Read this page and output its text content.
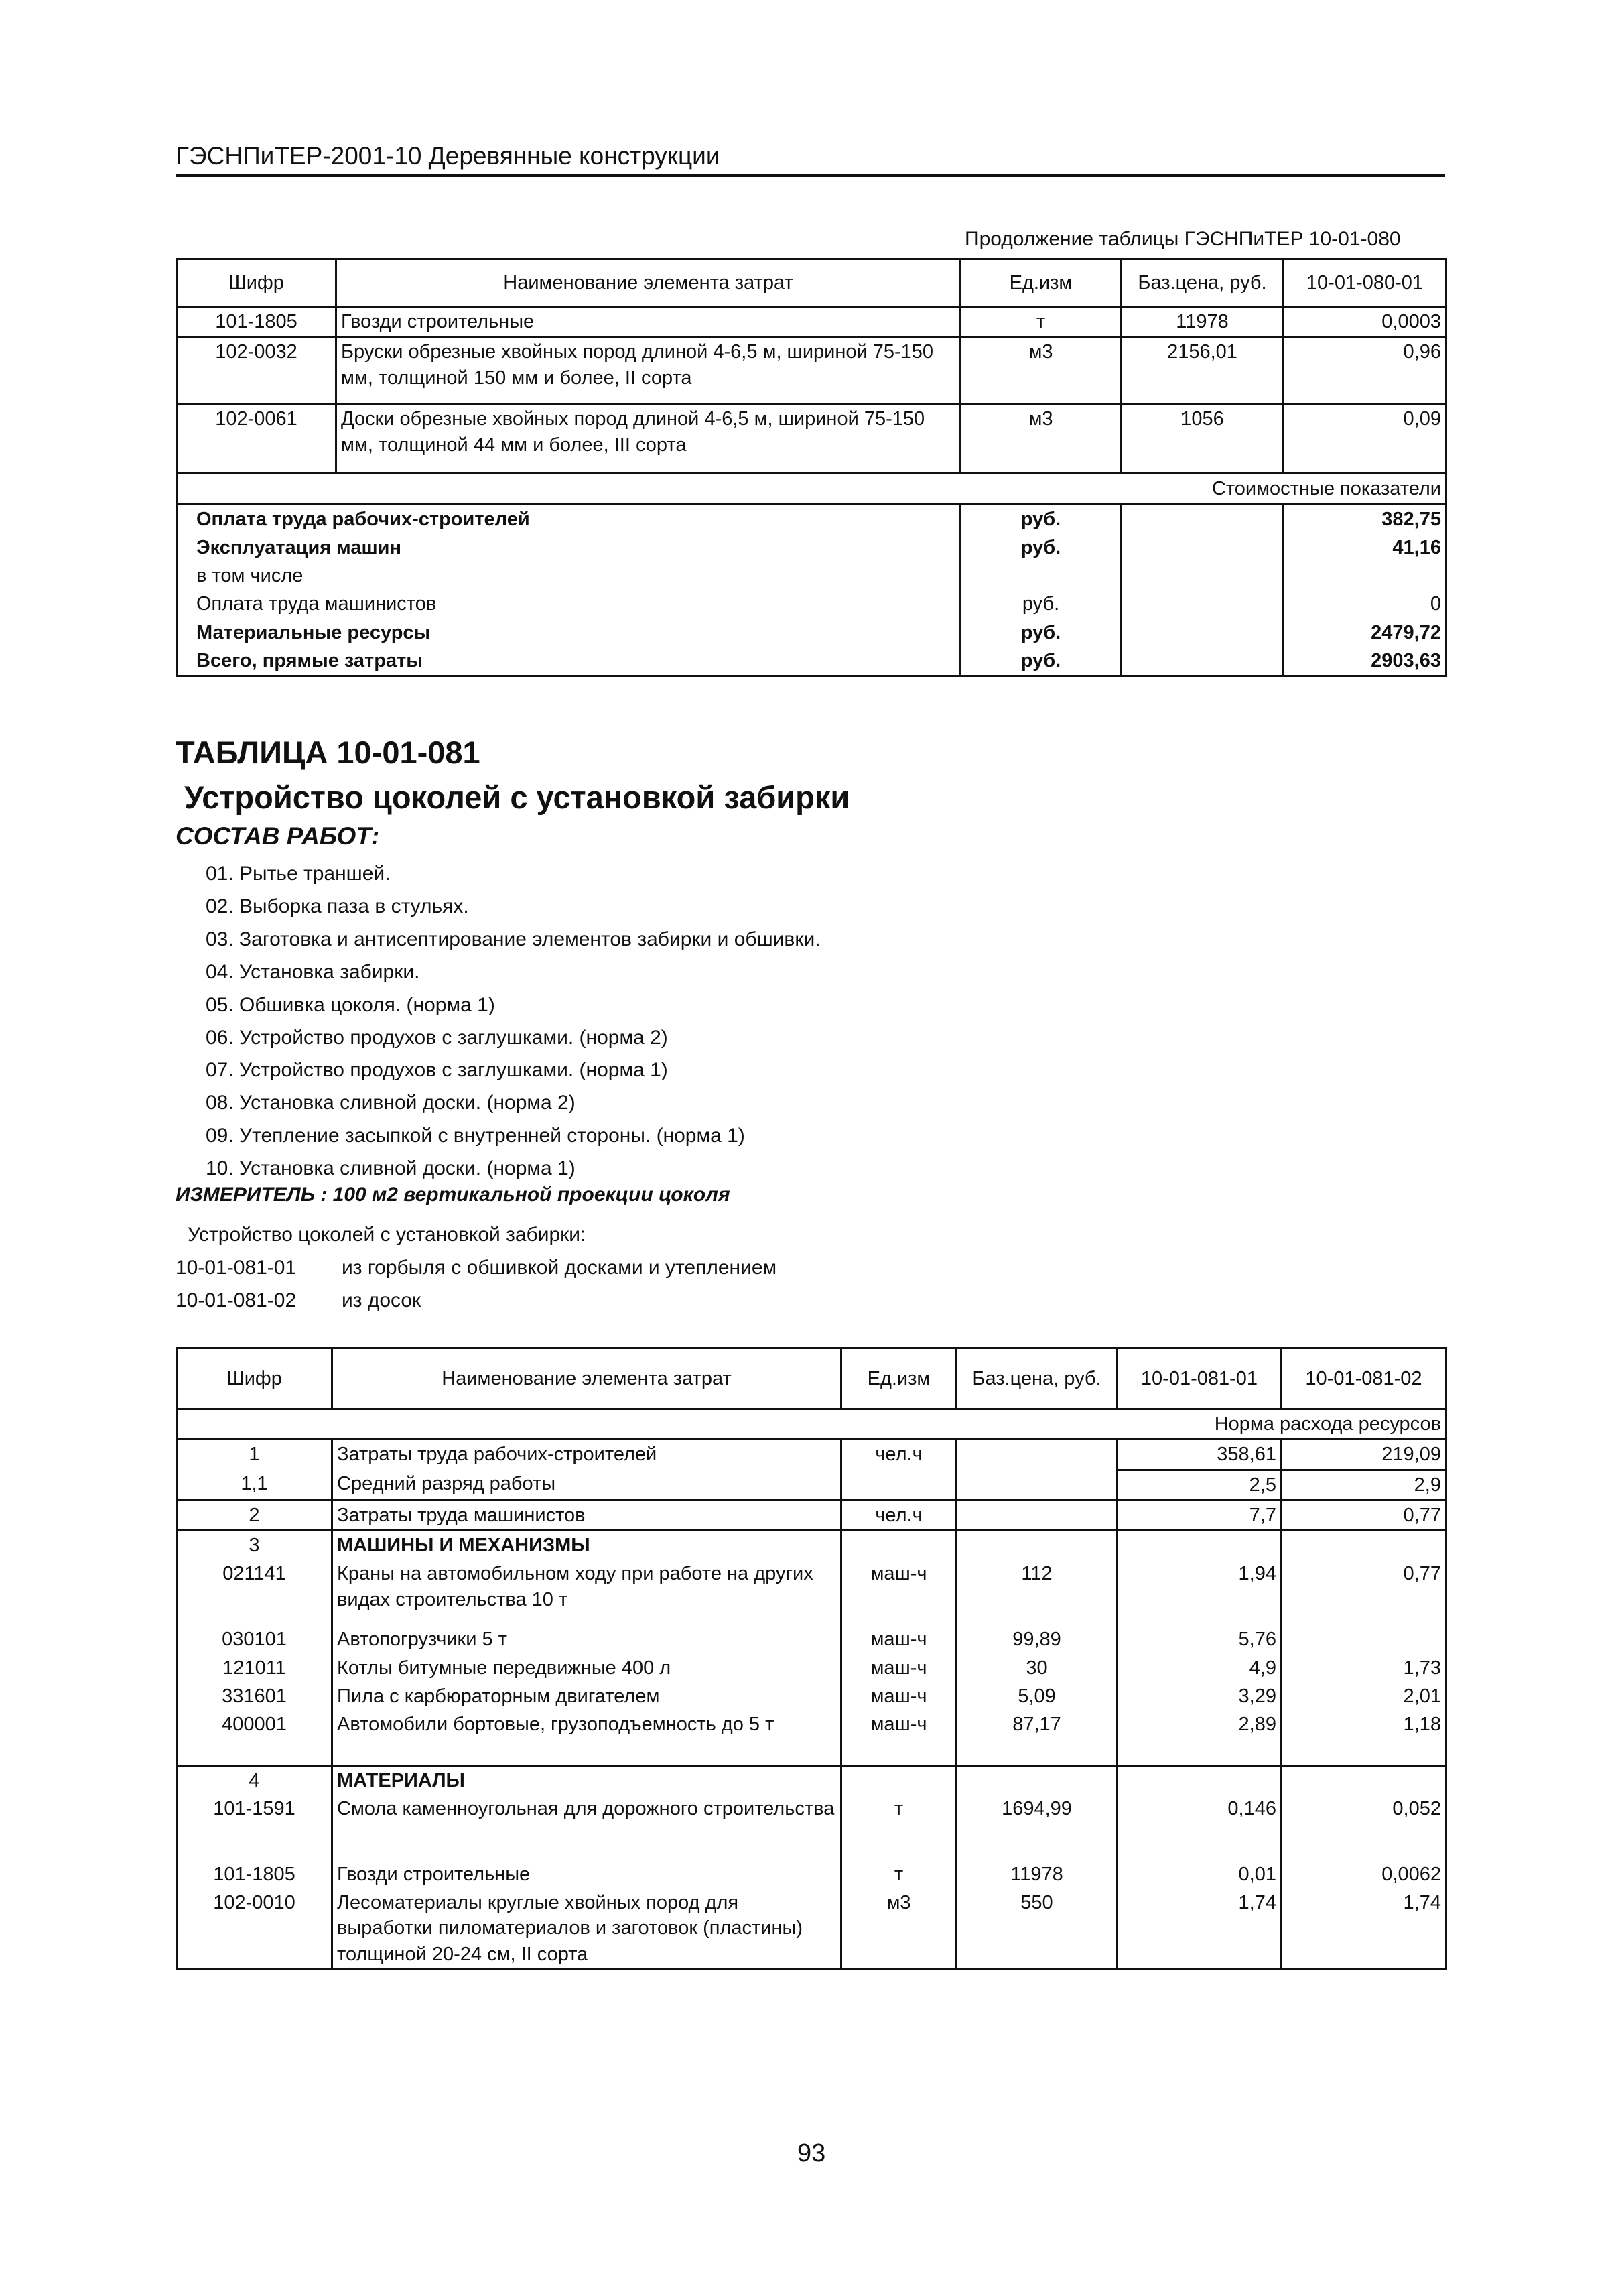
ГЭСНПиТЕР-2001-10 Деревянные конструкции
Продолжение таблицы ГЭСНПиТЕР 10-01-080
Шифр	Наименование элемента затрат	Ед.изм	Баз.цена, руб.	10-01-080-01
101-1805	Гвозди строительные	т	11978	0,0003
102-0032	Бруски обрезные хвойных пород длиной 4-6,5 м, шириной 75-150 мм, толщиной 150 мм и более, II сорта	м3	2156,01	0,96
102-0061	Доски обрезные хвойных пород длиной 4-6,5 м, шириной 75-150 мм, толщиной 44 мм и более, III сорта	м3	1056	0,09
Стоимостные показатели				
Оплата труда рабочих-строителей		руб.		382,75
Эксплуатация машин		руб.		41,16
в том числе				
Оплата труда машинистов		руб.		0
Материальные ресурсы		руб.		2479,72
Всего, прямые затраты		руб.		2903,63
ТАБЛИЦА 10-01-081
Устройство цоколей с установкой забирки
СОСТАВ РАБОТ:
01. Рытье траншей.
02. Выборка паза в стульях.
03. Заготовка и антисептирование элементов забирки и обшивки.
04. Установка забирки.
05. Обшивка цоколя. (норма 1)
06. Устройство продухов с заглушками. (норма 2)
07. Устройство продухов с заглушками. (норма 1)
08. Установка сливной доски. (норма 2)
09. Утепление засыпкой с внутренней стороны. (норма 1)
10. Установка сливной доски. (норма 1)
ИЗМЕРИТЕЛЬ : 100 м2 вертикальной проекции цоколя
Устройство цоколей с установкой забирки:
10-01-081-01 из горбыля с обшивкой досками и утеплением
10-01-081-02 из досок
Шифр	Наименование элемента затрат	Ед.изм	Баз.цена, руб.	10-01-081-01	10-01-081-02
Норма расхода ресурсов					
1	Затраты труда рабочих-строителей	чел.ч		358,61	219,09
1,1	Средний разряд работы			2,5	2,9
2	Затраты труда машинистов	чел.ч		7,7	0,77
3	МАШИНЫ И МЕХАНИЗМЫ				
021141	Краны на автомобильном ходу при работе на других видах строительства 10 т	маш-ч	112	1,94	0,77
030101	Автопогрузчики 5 т	маш-ч	99,89	5,76	
121011	Котлы битумные передвижные 400 л	маш-ч	30	4,9	1,73
331601	Пила с карбюраторным двигателем	маш-ч	5,09	3,29	2,01
400001	Автомобили бортовые, грузоподъемность до 5 т	маш-ч	87,17	2,89	1,18
4	МАТЕРИАЛЫ				
101-1591	Смола каменноугольная для дорожного строительства	т	1694,99	0,146	0,052
101-1805	Гвозди строительные	т	11978	0,01	0,0062
102-0010	Лесоматериалы круглые хвойных пород для выработки пиломатериалов и заготовок (пластины) толщиной 20-24 см, II сорта	м3	550	1,74	1,74
93
